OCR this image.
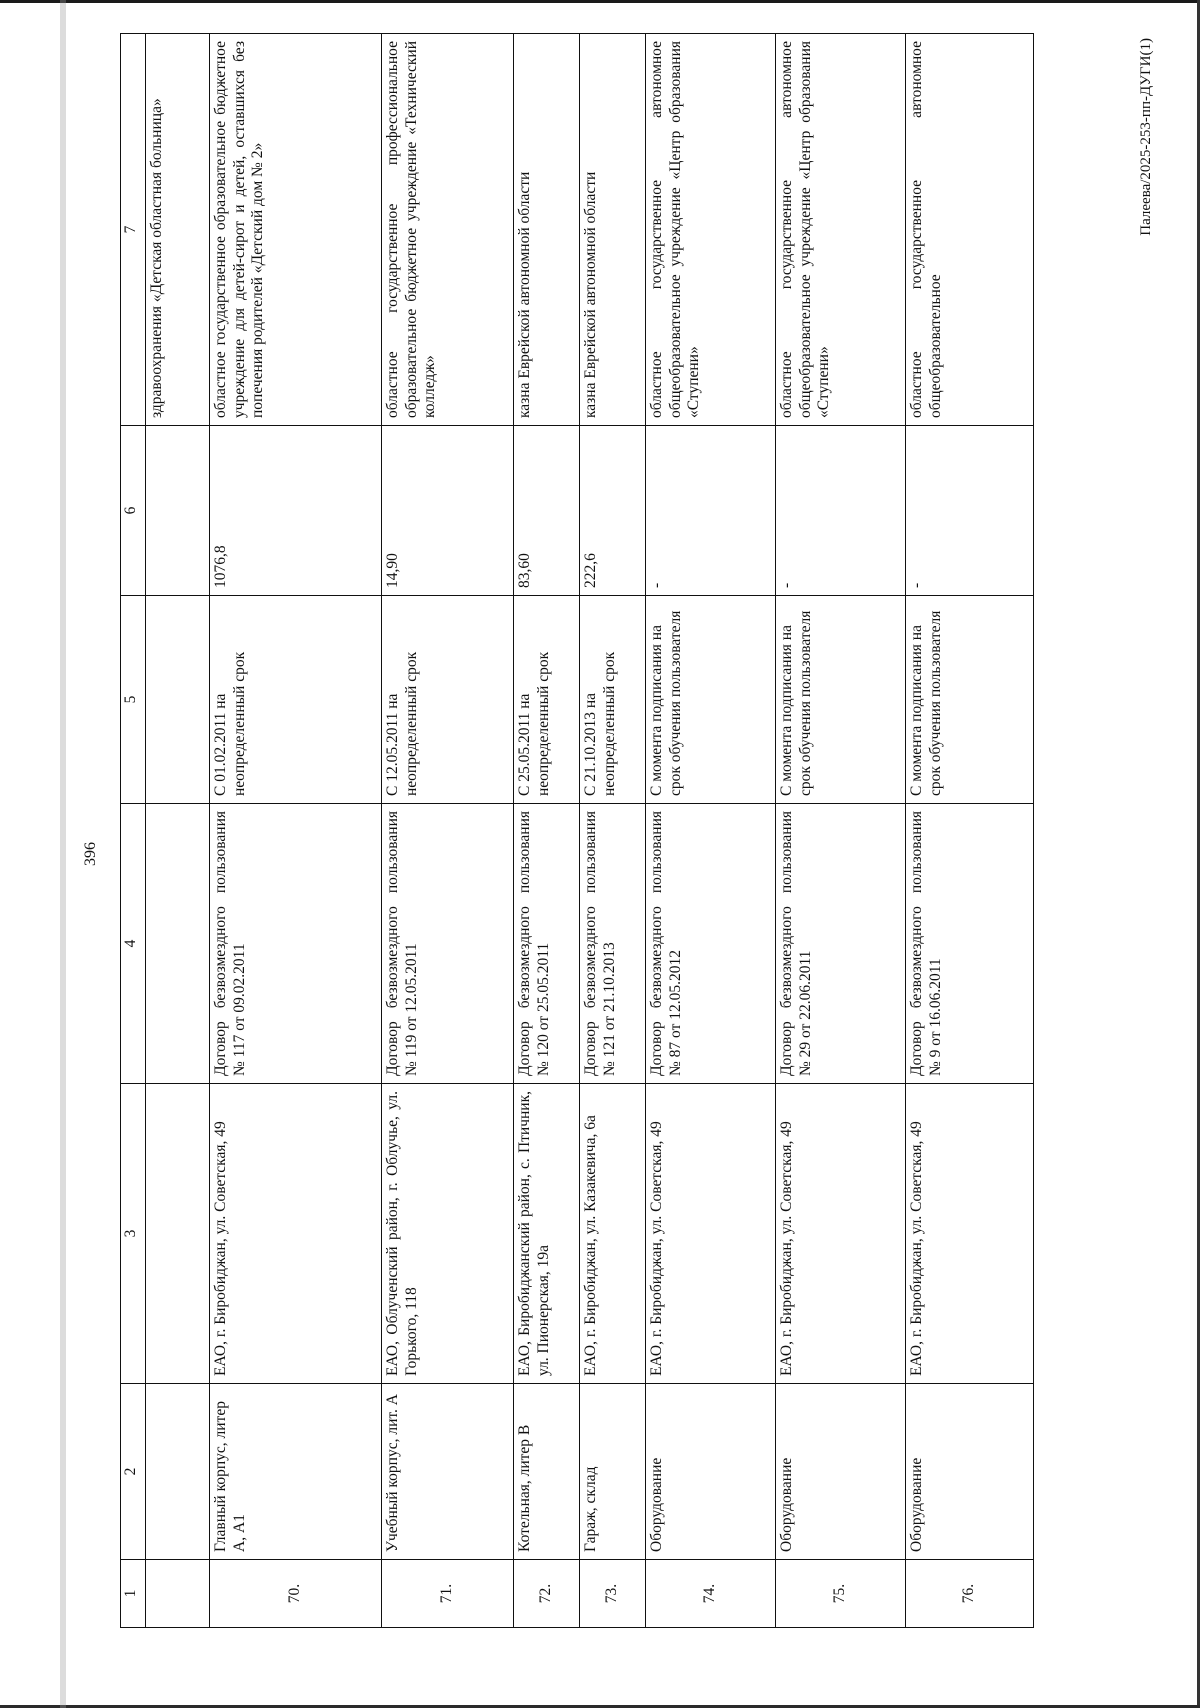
396
1	2	3	4	5	6	7
						здравоохранения «Детская областная больница»
70.	Главный корпус, литер А, А1	ЕАО, г. Биробиджан, ул. Советская, 49	Договор безвозмездного пользования № 117 от 09.02.2011	С 01.02.2011 на неопределенный срок	1076,8	областное государственное образовательное бюджетное учреждение для детей-сирот и детей, оставшихся без попечения родителей «Детский дом № 2»
71.	Учебный корпус, лит. А	ЕАО, Облученский район, г. Облучье, ул. Горького, 118	Договор безвозмездного пользования № 119 от 12.05.2011	С 12.05.2011 на неопределенный срок	14,90	областное государственное профессиональное образовательное бюджетное учреждение «Технический колледж»
72.	Котельная, литер В	ЕАО, Биробиджанский район, с. Птичник, ул. Пионерская, 19а	Договор безвозмездного пользования № 120 от 25.05.2011	С 25.05.2011 на неопределенный срок	83,60	казна Еврейской автономной области
73.	Гараж, склад	ЕАО, г. Биробиджан, ул. Казакевича, 6а	Договор безвозмездного пользования № 121 от 21.10.2013	С 21.10.2013 на неопределенный срок	222,6	казна Еврейской автономной области
74.	Оборудование	ЕАО, г. Биробиджан, ул. Советская, 49	Договор безвозмездного пользования № 87 от 12.05.2012	С момента подписания на срок обучения пользователя	-	областное государственное автономное общеобразовательное учреждение «Центр образования «Ступени»
75.	Оборудование	ЕАО, г. Биробиджан, ул. Советская, 49	Договор безвозмездного пользования № 29 от 22.06.2011	С момента подписания на срок обучения пользователя	-	областное государственное автономное общеобразовательное учреждение «Центр образования «Ступени»
76.	Оборудование	ЕАО, г. Биробиджан, ул. Советская, 49	Договор безвозмездного пользования № 9 от 16.06.2011	С момента подписания на срок обучения пользователя	-	областное государственное автономное общеобразовательное
Палеева/2025-253-пп-ДУГИ(1)
